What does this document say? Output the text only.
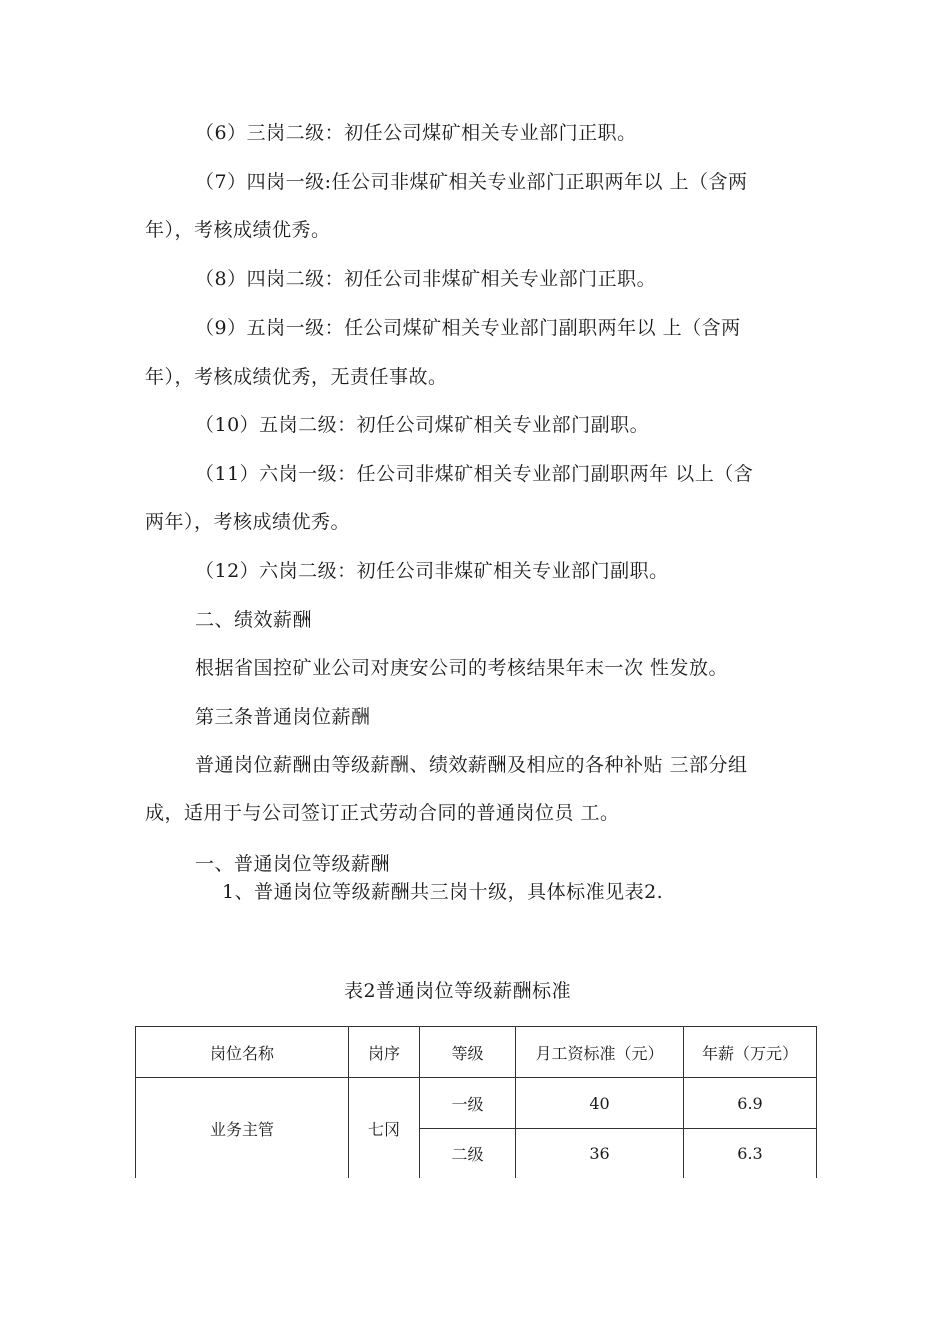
（6）三岗二级：初任公司煤矿相关专业部门正职。
（7）四岗一级:任公司非煤矿相关专业部门正职两年以 上（含两
年），考核成绩优秀。
（8）四岗二级：初任公司非煤矿相关专业部门正职。
（9）五岗一级：任公司煤矿相关专业部门副职两年以 上（含两
年），考核成绩优秀，无责任事故。
（10）五岗二级：初任公司煤矿相关专业部门副职。
（11）六岗一级：任公司非煤矿相关专业部门副职两年 以上（含
两年），考核成绩优秀。
（12）六岗二级：初任公司非煤矿相关专业部门副职。
二、绩效薪酬
根据省国控矿业公司对庚安公司的考核结果年末一次 性发放。
第三条普通岗位薪酬
普通岗位薪酬由等级薪酬、绩效薪酬及相应的各种补贴 三部分组
成，适用于与公司签订正式劳动合同的普通岗位员 工。
一、普通岗位等级薪酬
1、普通岗位等级薪酬共三岗十级，具体标准见表2.
表2普通岗位等级薪酬标准
岗位名称	岗序	等级	月工资标准（元）	年薪（万元）
业务主管	七冈	一级	40	6.9
		二级	36	6.3
